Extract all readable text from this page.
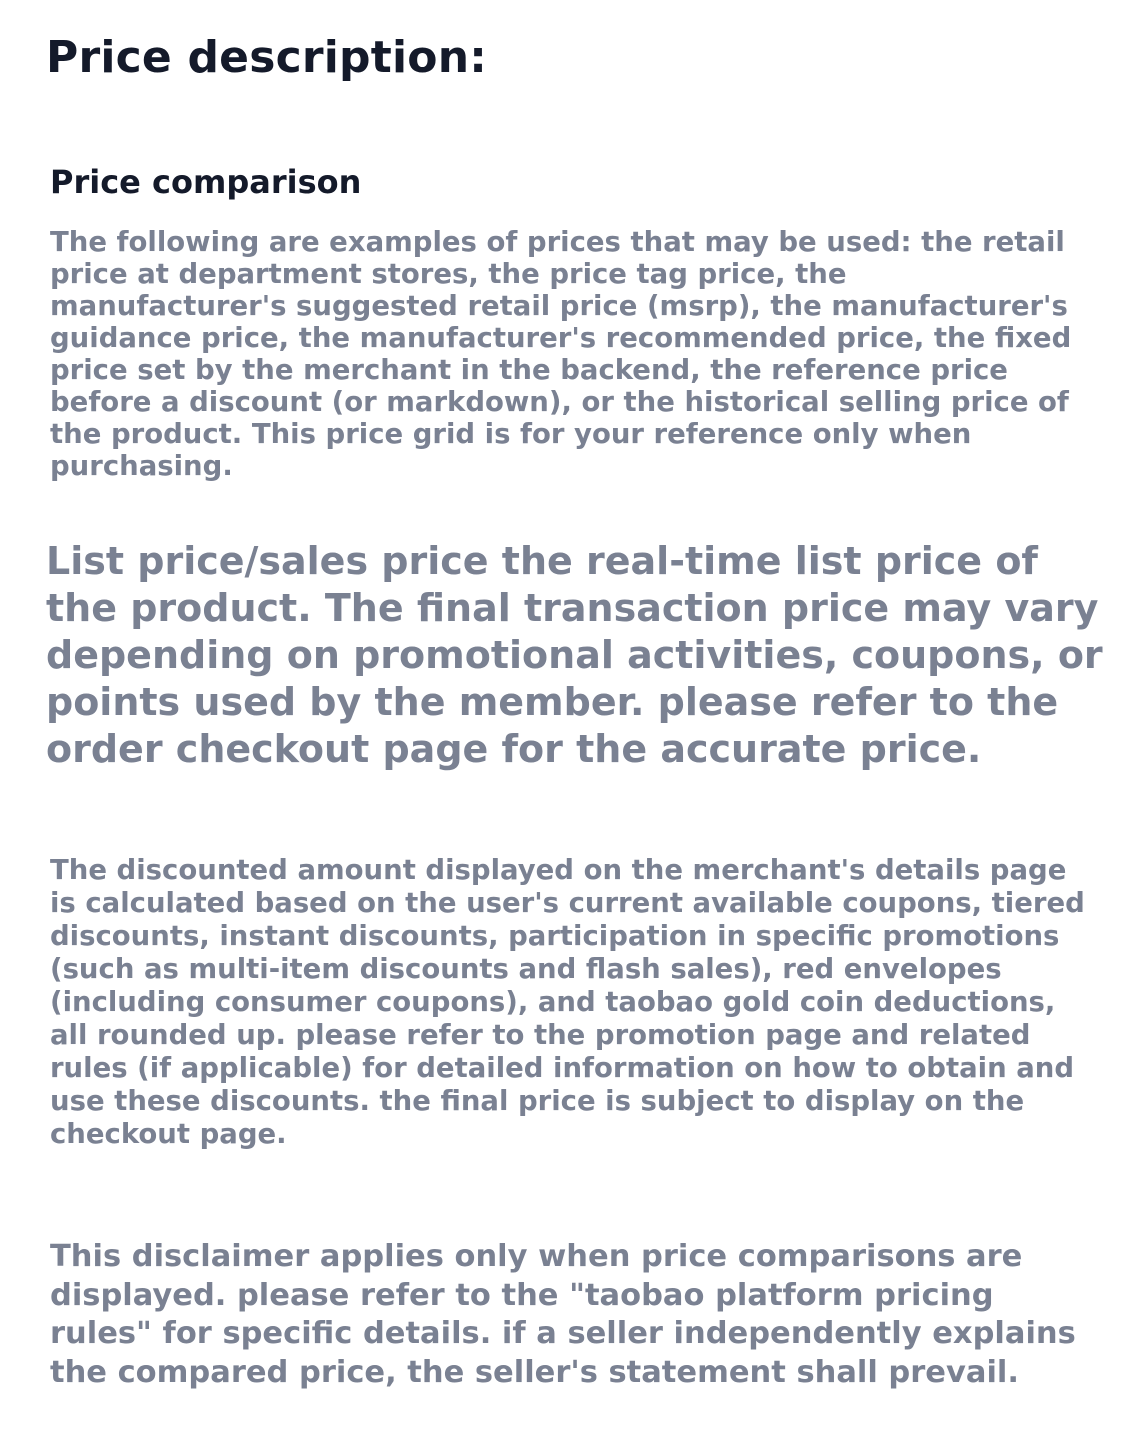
Price description:
Price comparison

The following are examples of prices that may be used: the retail price at department stores, the price tag price, the manufacturer's suggested retail price (msrp), the manufacturer's guidance price, the manufacturer's recommended price, the fixed price set by the merchant in the backend, the reference price before a discount (or markdown), or the historical selling price of the product. This price grid is for your reference only when purchasing.

List price/sales price the real-time list price of the product. The final transaction price may vary depending on promotional activities, coupons, or points used by the member. please refer to the order checkout page for the accurate price.

The discounted amount displayed on the merchant's details page is calculated based on the user's current available coupons, tiered discounts, instant discounts, participation in specific promotions (such as multi-item discounts and flash sales), red envelopes (including consumer coupons), and taobao gold coin deductions, all rounded up. please refer to the promotion page and related rules (if applicable) for detailed information on how to obtain and use these discounts. the final price is subject to display on the checkout page.

This disclaimer applies only when price comparisons are displayed. please refer to the "taobao platform pricing rules" for specific details. if a seller independently explains the compared price, the seller's statement shall prevail.
